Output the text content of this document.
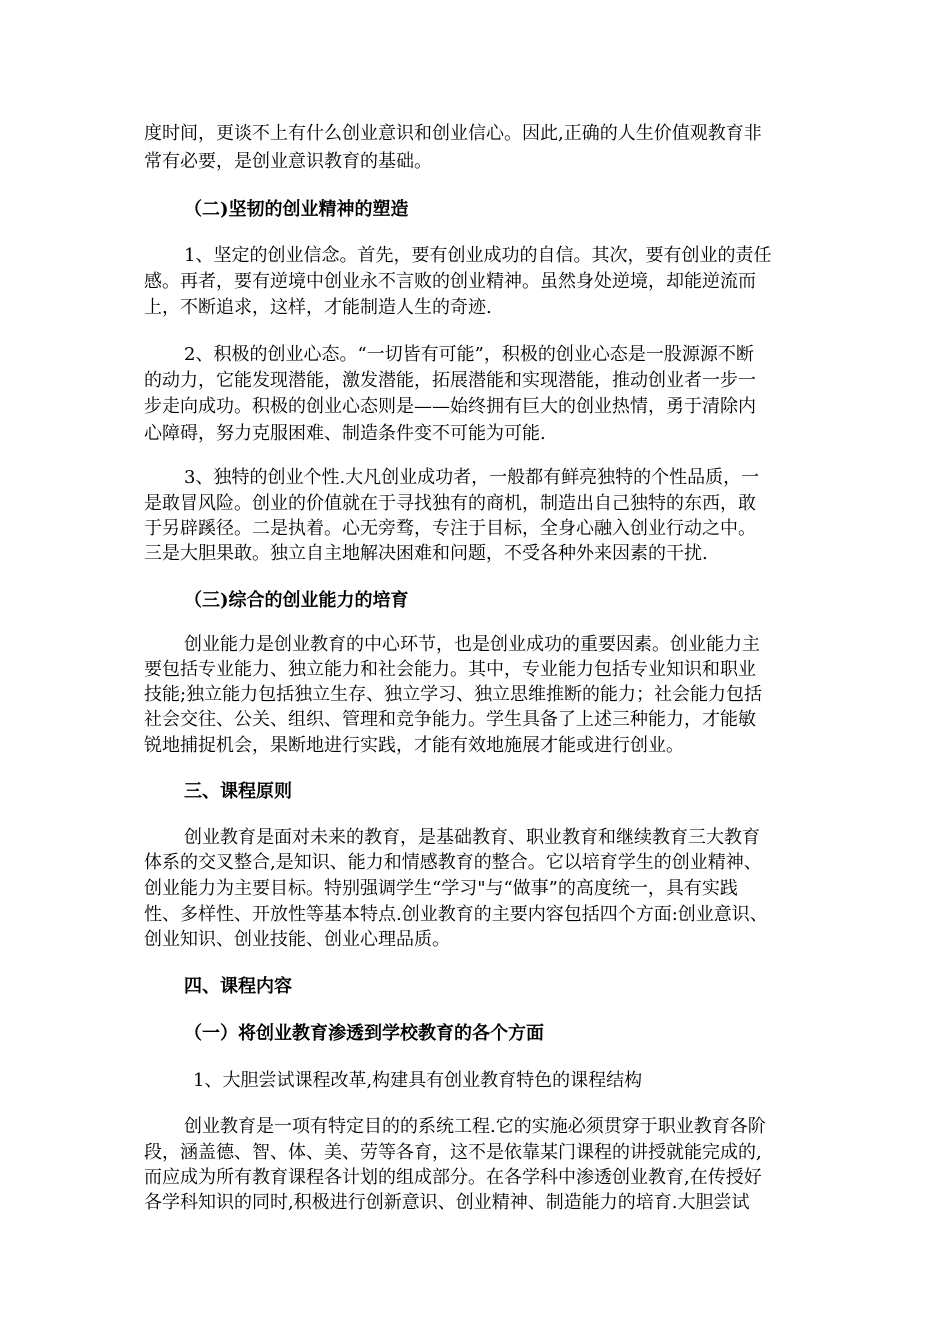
度时间，更谈不上有什么创业意识和创业信心。因此,正确的人生价值观教育非
常有必要，是创业意识教育的基础。
（二)坚韧的创业精神的塑造
1、坚定的创业信念。首先，要有创业成功的自信。其次，要有创业的责任
感。再者，要有逆境中创业永不言败的创业精神。虽然身处逆境，却能逆流而
上，不断追求，这样，才能制造人生的奇迹.
2、积极的创业心态。“一切皆有可能”，积极的创业心态是一股源源不断
的动力，它能发现潜能，激发潜能，拓展潜能和实现潜能，推动创业者一步一
步走向成功。积极的创业心态则是——始终拥有巨大的创业热情，勇于清除内
心障碍，努力克服困难、制造条件变不可能为可能.
3、独特的创业个性.大凡创业成功者，一般都有鲜亮独特的个性品质，一
是敢冒风险。创业的价值就在于寻找独有的商机，制造出自己独特的东西，敢
于另辟蹊径。二是执着。心无旁骛，专注于目标，全身心融入创业行动之中。
三是大胆果敢。独立自主地解决困难和问题，不受各种外来因素的干扰.
（三)综合的创业能力的培育
创业能力是创业教育的中心环节，也是创业成功的重要因素。创业能力主
要包括专业能力、独立能力和社会能力。其中，专业能力包括专业知识和职业
技能;独立能力包括独立生存、独立学习、独立思维推断的能力；社会能力包括
社会交往、公关、组织、管理和竞争能力。学生具备了上述三种能力，才能敏
锐地捕捉机会，果断地进行实践，才能有效地施展才能或进行创业。
三、课程原则
创业教育是面对未来的教育，是基础教育、职业教育和继续教育三大教育
体系的交叉整合,是知识、能力和情感教育的整合。它以培育学生的创业精神、
创业能力为主要目标。特别强调学生“学习"与“做事”的高度统一，具有实践
性、多样性、开放性等基本特点.创业教育的主要内容包括四个方面:创业意识、
创业知识、创业技能、创业心理品质。
四、课程内容
（一）将创业教育渗透到学校教育的各个方面
1、大胆尝试课程改革,构建具有创业教育特色的课程结构
创业教育是一项有特定目的的系统工程.它的实施必须贯穿于职业教育各阶
段，涵盖德、智、体、美、劳等各育，这不是依靠某门课程的讲授就能完成的,
而应成为所有教育课程各计划的组成部分。在各学科中渗透创业教育,在传授好
各学科知识的同时,积极进行创新意识、创业精神、制造能力的培育.大胆尝试
